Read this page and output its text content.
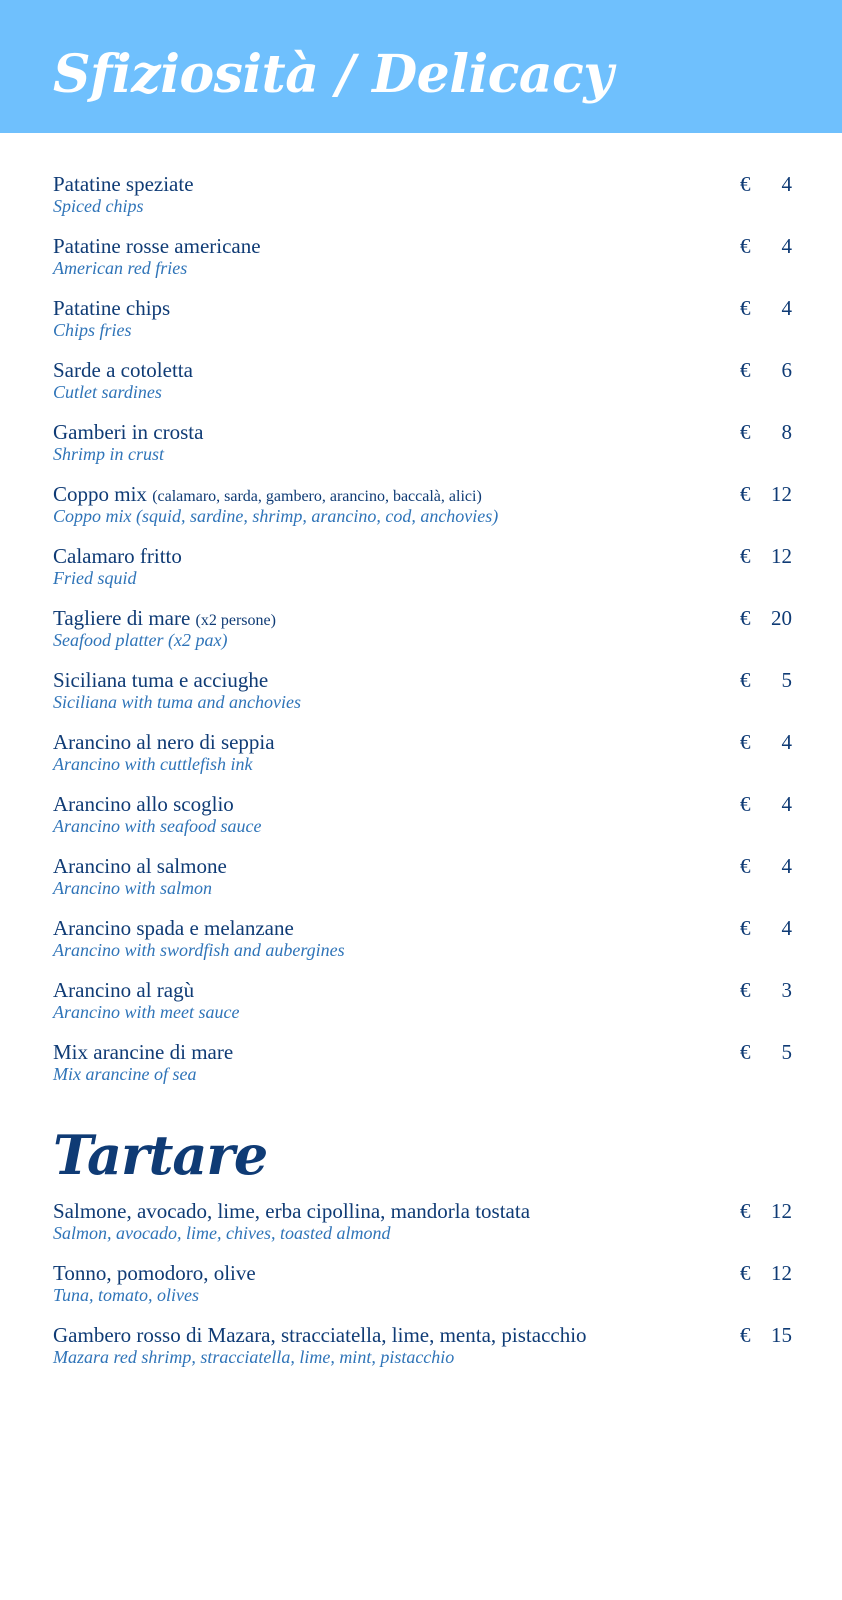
Sfiziosità / Delicacy
Patatine speziate
Spiced chips
€ 4
Patatine rosse americane
American red fries
€ 4
Patatine chips
Chips fries
€ 4
Sarde a cotoletta
Cutlet sardines
€ 6
Gamberi in crosta
Shrimp in crust
€ 8
Coppo mix (calamaro, sarda, gambero, arancino, baccalà, alici)
Coppo mix (squid, sardine, shrimp, arancino, cod, anchovies)
€ 12
Calamaro fritto
Fried squid
€ 12
Tagliere di mare (x2 persone)
Seafood platter (x2 pax)
€ 20
Siciliana tuma e acciughe
Siciliana with tuma and anchovies
€ 5
Arancino al nero di seppia
Arancino with cuttlefish ink
€ 4
Arancino allo scoglio
Arancino with seafood sauce
€ 4
Arancino al salmone
Arancino with salmon
€ 4
Arancino spada e melanzane
Arancino with swordfish and aubergines
€ 4
Arancino al ragù
Arancino with meet sauce
€ 3
Mix arancine di mare
Mix arancine of sea
€ 5
Tartare
Salmone, avocado, lime, erba cipollina, mandorla tostata
Salmon, avocado, lime, chives, toasted almond
€ 12
Tonno, pomodoro, olive
Tuna, tomato, olives
€ 12
Gambero rosso di Mazara, stracciatella, lime, menta, pistacchio
Mazara red shrimp, stracciatella, lime, mint, pistacchio
€ 15
